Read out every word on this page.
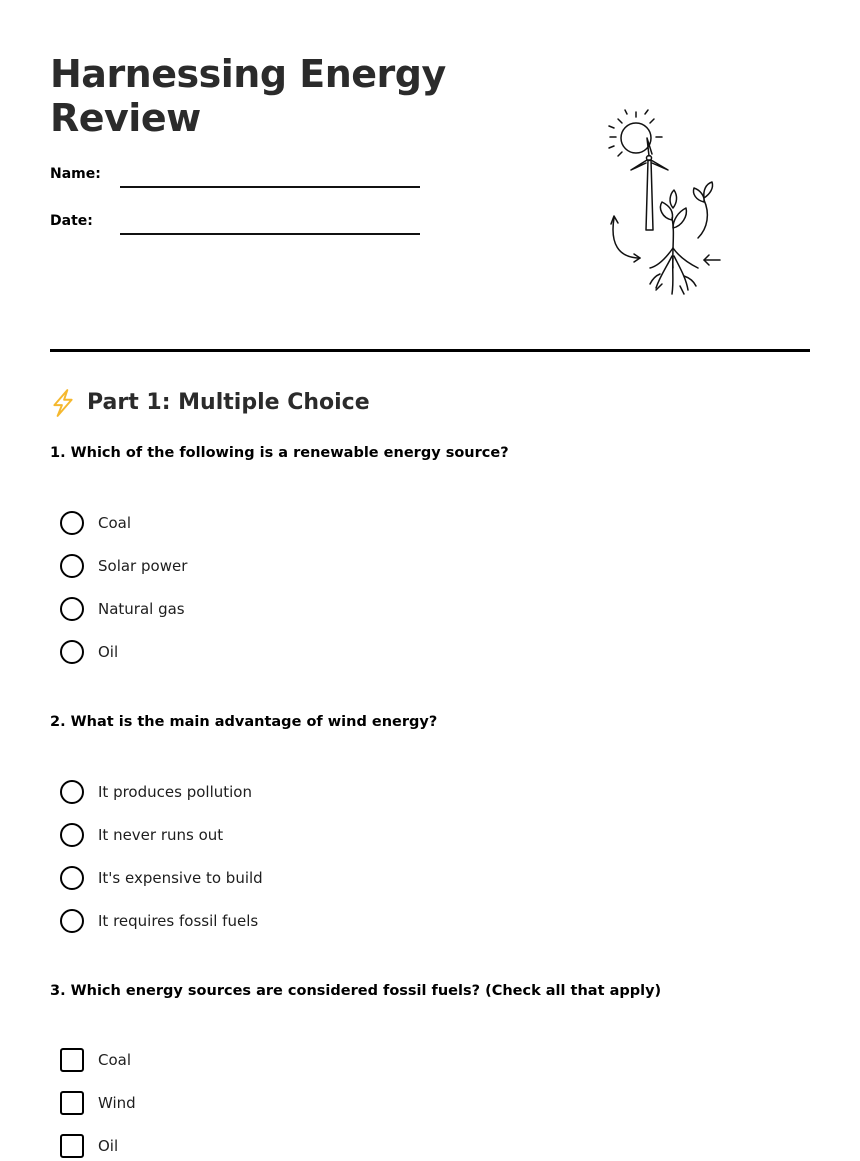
Harnessing Energy
Review
Name:
Date:
Part 1: Multiple Choice

1. Which of the following is a renewable energy source?

Coal
Solar power
Natural gas
Oil

2. What is the main advantage of wind energy?

It produces pollution
It never runs out
It's expensive to build
It requires fossil fuels

3. Which energy sources are considered fossil fuels? (Check all that apply)

Coal
Wind
Oil
